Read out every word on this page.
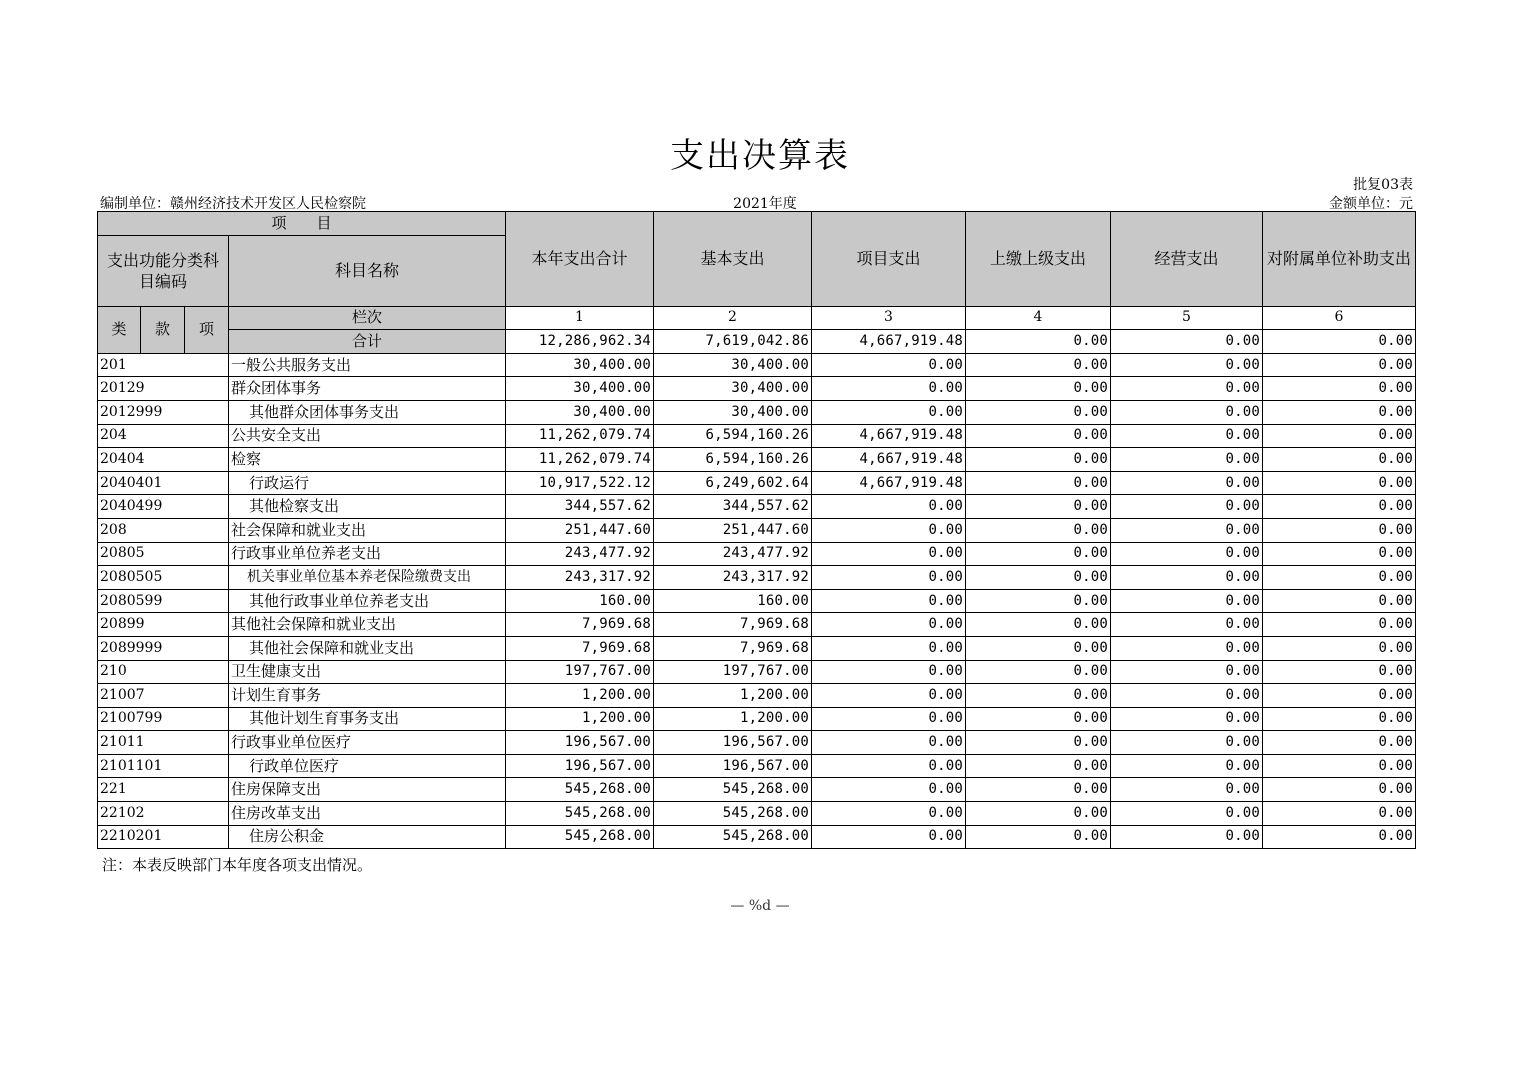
支出决算表
批复03表
编制单位：赣州经济技术开发区人民检察院	2021年度	金额单位：元
项　　目				本年支出合计	基本支出	项目支出	上缴上级支出	经营支出	对附属单位补助支出
支出功能分类科目编码			科目名称						
类	款	项	栏次	1	2	3	4	5	6
			合计	12,286,962.34	7,619,042.86	4,667,919.48	0.00	0.00	0.00
201			一般公共服务支出	30,400.00	30,400.00	0.00	0.00	0.00	0.00
20129			群众团体事务	30,400.00	30,400.00	0.00	0.00	0.00	0.00
2012999			其他群众团体事务支出	30,400.00	30,400.00	0.00	0.00	0.00	0.00
204			公共安全支出	11,262,079.74	6,594,160.26	4,667,919.48	0.00	0.00	0.00
20404			检察	11,262,079.74	6,594,160.26	4,667,919.48	0.00	0.00	0.00
2040401			行政运行	10,917,522.12	6,249,602.64	4,667,919.48	0.00	0.00	0.00
2040499			其他检察支出	344,557.62	344,557.62	0.00	0.00	0.00	0.00
208			社会保障和就业支出	251,447.60	251,447.60	0.00	0.00	0.00	0.00
20805			行政事业单位养老支出	243,477.92	243,477.92	0.00	0.00	0.00	0.00
2080505			机关事业单位基本养老保险缴费支出	243,317.92	243,317.92	0.00	0.00	0.00	0.00
2080599			其他行政事业单位养老支出	160.00	160.00	0.00	0.00	0.00	0.00
20899			其他社会保障和就业支出	7,969.68	7,969.68	0.00	0.00	0.00	0.00
2089999			其他社会保障和就业支出	7,969.68	7,969.68	0.00	0.00	0.00	0.00
210			卫生健康支出	197,767.00	197,767.00	0.00	0.00	0.00	0.00
21007			计划生育事务	1,200.00	1,200.00	0.00	0.00	0.00	0.00
2100799			其他计划生育事务支出	1,200.00	1,200.00	0.00	0.00	0.00	0.00
21011			行政事业单位医疗	196,567.00	196,567.00	0.00	0.00	0.00	0.00
2101101			行政单位医疗	196,567.00	196,567.00	0.00	0.00	0.00	0.00
221			住房保障支出	545,268.00	545,268.00	0.00	0.00	0.00	0.00
22102			住房改革支出	545,268.00	545,268.00	0.00	0.00	0.00	0.00
2210201			住房公积金	545,268.00	545,268.00	0.00	0.00	0.00	0.00
注：本表反映部门本年度各项支出情况。
— %d —
